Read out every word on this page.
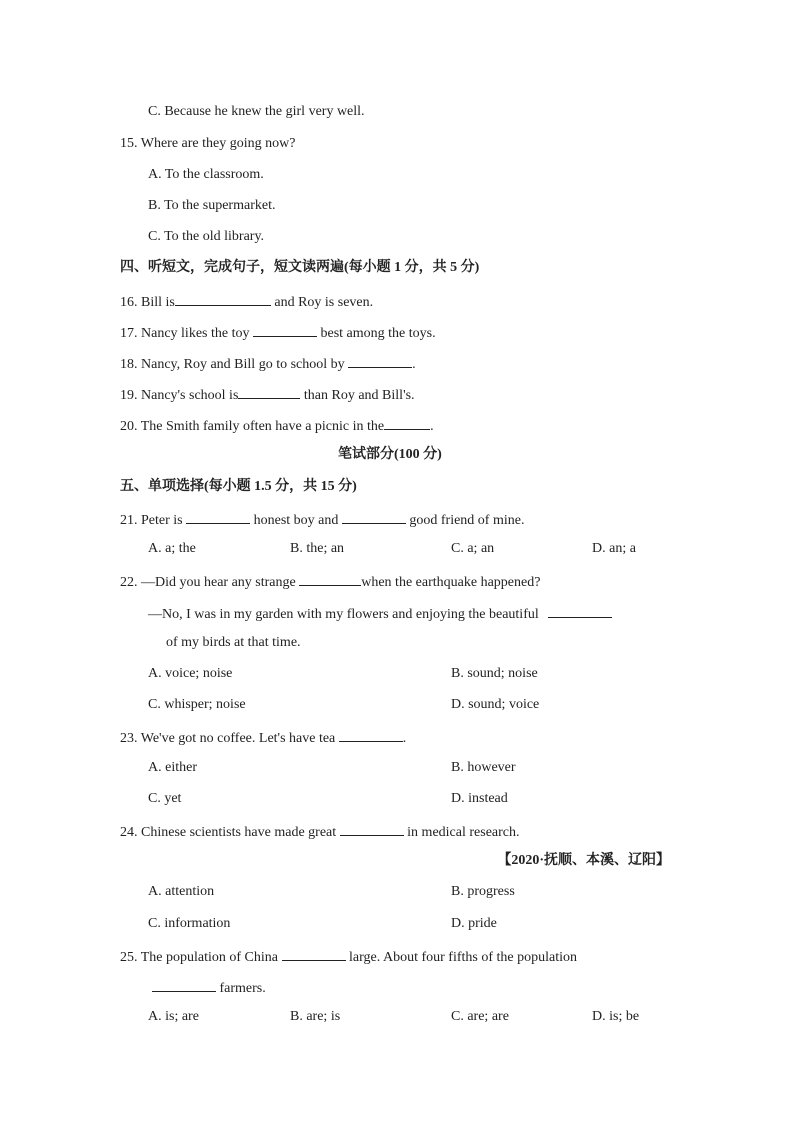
C. Because he knew the girl very well.
15. Where are they going now?
A. To the classroom.
B. To the supermarket.
C. To the old library.
四、听短文，完成句子，短文读两遍(每小题 1 分，共 5 分)
16. Bill is	and Roy is seven.
17. Nancy likes the toy	best among the toys.
18. Nancy, Roy and Bill go to school by	.
19. Nancy's school is	than Roy and Bill's.
20. The Smith family often have a picnic in the	.
笔试部分(100 分)
五、单项选择(每小题 1.5 分，共 15 分)
21. Peter is	honest boy and	good friend of mine.
A. a; the	B. the; an	C. a; an	D. an; a
22. —Did you hear any strange	when the earthquake happened?
—No, I was in my garden with my flowers and enjoying the beautiful
of my birds at that time.
A. voice; noise	B. sound; noise
C. whisper; noise	D. sound; voice
23. We've got no coffee. Let's have tea	.
A. either	B. however
C. yet	D. instead
24. Chinese scientists have made great	in medical research.
【2020·抚顺、本溪、辽阳】
A. attention	B. progress
C. information	D. pride
25. The population of China	large. About four fifths of the population
farmers.
A. is; are	B. are; is	C. are; are	D. is; be
